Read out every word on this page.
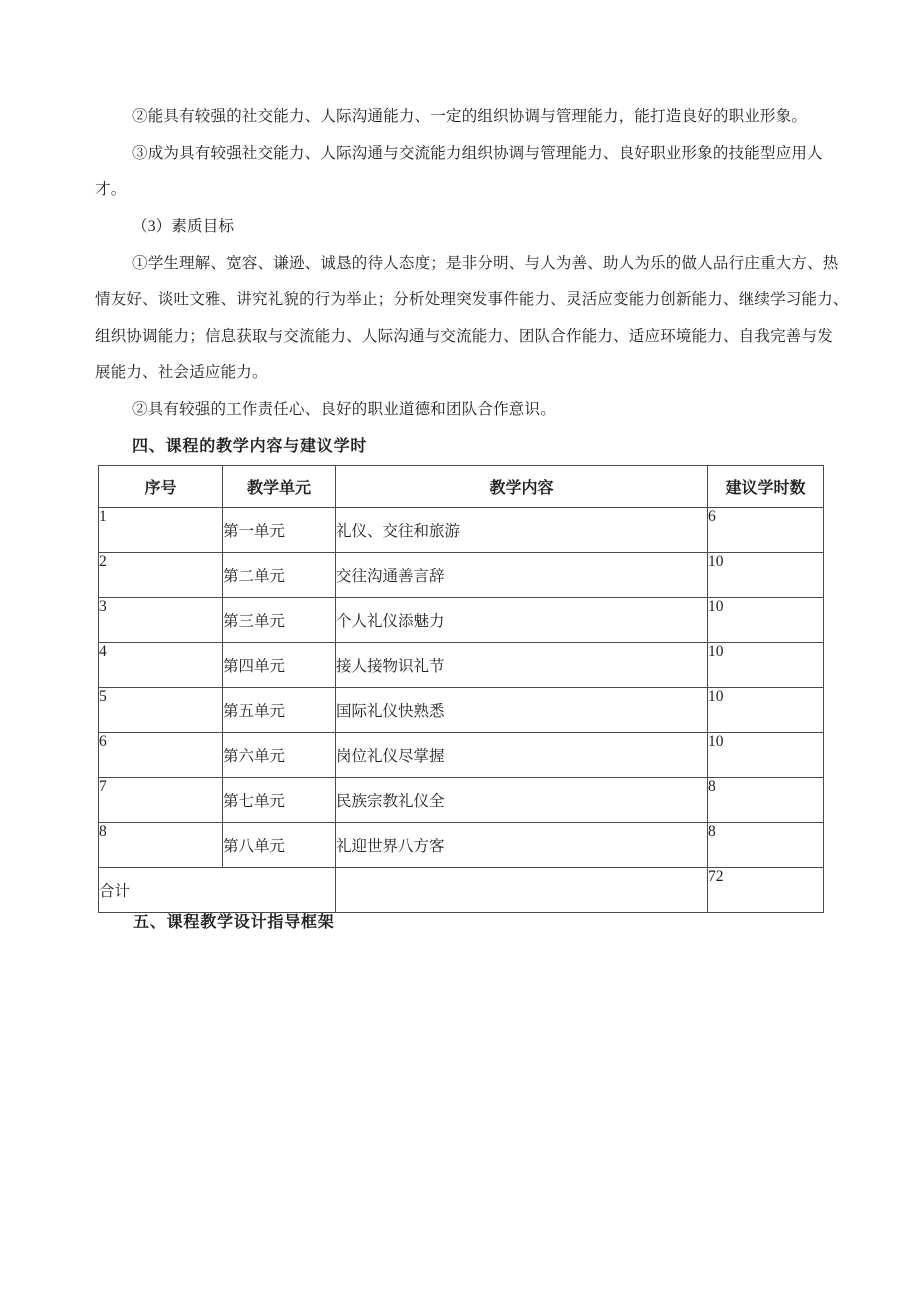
②能具有较强的社交能力、人际沟通能力、一定的组织协调与管理能力，能打造良好的职业形象。
③成为具有较强社交能力、人际沟通与交流能力组织协调与管理能力、良好职业形象的技能型应用人
才。
（3）素质目标
①学生理解、宽容、谦逊、诚恳的待人态度；是非分明、与人为善、助人为乐的做人品行庄重大方、热
情友好、谈吐文雅、讲究礼貌的行为举止；分析处理突发事件能力、灵活应变能力创新能力、继续学习能力、
组织协调能力；信息获取与交流能力、人际沟通与交流能力、团队合作能力、适应环境能力、自我完善与发
展能力、社会适应能力。
②具有较强的工作责任心、良好的职业道德和团队合作意识。
四、课程的教学内容与建议学时
序号	教学单元	教学内容	建议学时数
1	第一单元	礼仪、交往和旅游	6
2	第二单元	交往沟通善言辞	10
3	第三单元	个人礼仪添魅力	10
4	第四单元	接人接物识礼节	10
5	第五单元	国际礼仪快熟悉	10
6	第六单元	岗位礼仪尽掌握	10
7	第七单元	民族宗教礼仪全	8
8	第八单元	礼迎世界八方客	8
合计			72
五、课程教学设计指导框架
